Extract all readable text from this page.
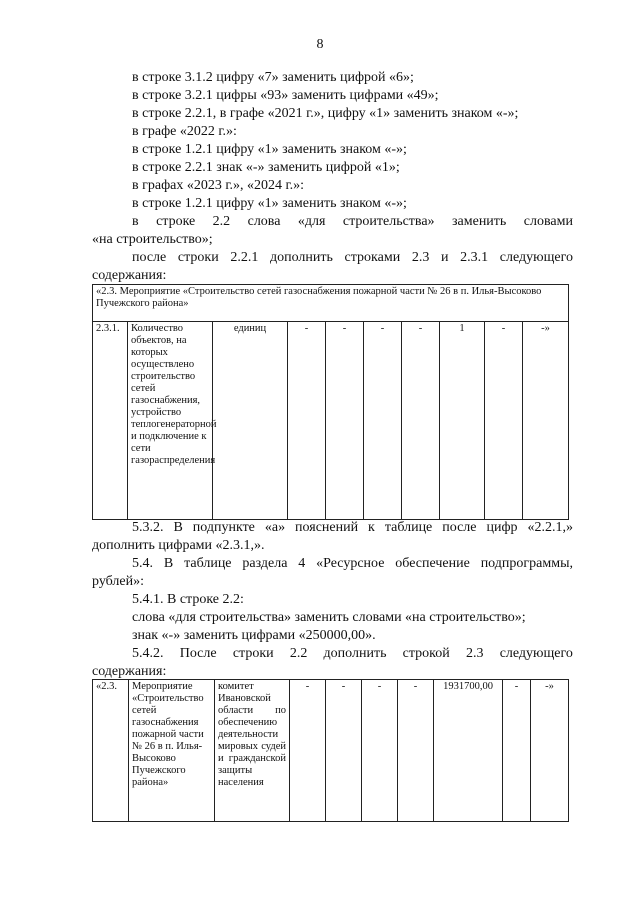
8
в строке 3.1.2 цифру «7» заменить цифрой «6»;
в строке 3.2.1 цифры «93» заменить цифрами «49»;
в строке 2.2.1, в графе «2021 г.», цифру «1» заменить знаком «-»;
в графе «2022 г.»:
в строке 1.2.1 цифру «1» заменить знаком «-»;
в строке 2.2.1 знак «-» заменить цифрой «1»;
в графах «2023 г.», «2024 г.»:
в строке 1.2.1 цифру «1» заменить знаком «-»;
в строке 2.2 слова «для строительства» заменить словами
«на строительство»;
после строки 2.2.1 дополнить строками 2.3 и 2.3.1 следующего
содержания:
«2.3. Мероприятие «Строительство сетей газоснабжения пожарной части № 26 в п. Илья-Высоково Пучежского района»
2.3.1.	Количество объектов, на которых осуществлено строительство сетей газоснабжения, устройство теплогенераторной и подключение к сети газораспределения	единиц	-	-	-	-	1	-	-»
5.3.2. В подпункте «а» пояснений к таблице после цифр «2.2.1,»
дополнить цифрами «2.3.1,».
5.4. В таблице раздела 4 «Ресурсное обеспечение подпрограммы,
рублей»:
5.4.1. В строке 2.2:
слова «для строительства» заменить словами «на строительство»;
знак «-» заменить цифрами «250000,00».
5.4.2. После строки 2.2 дополнить строкой 2.3 следующего
содержания:
«2.3.	Мероприятие «Строительство сетей газоснабжения пожарной части № 26 в п. Илья-Высоково Пучежского района»	комитет Ивановской области по обеспечению деятельности мировых судей и гражданской защиты населения	-	-	-	-	1931700,00	-	-»
